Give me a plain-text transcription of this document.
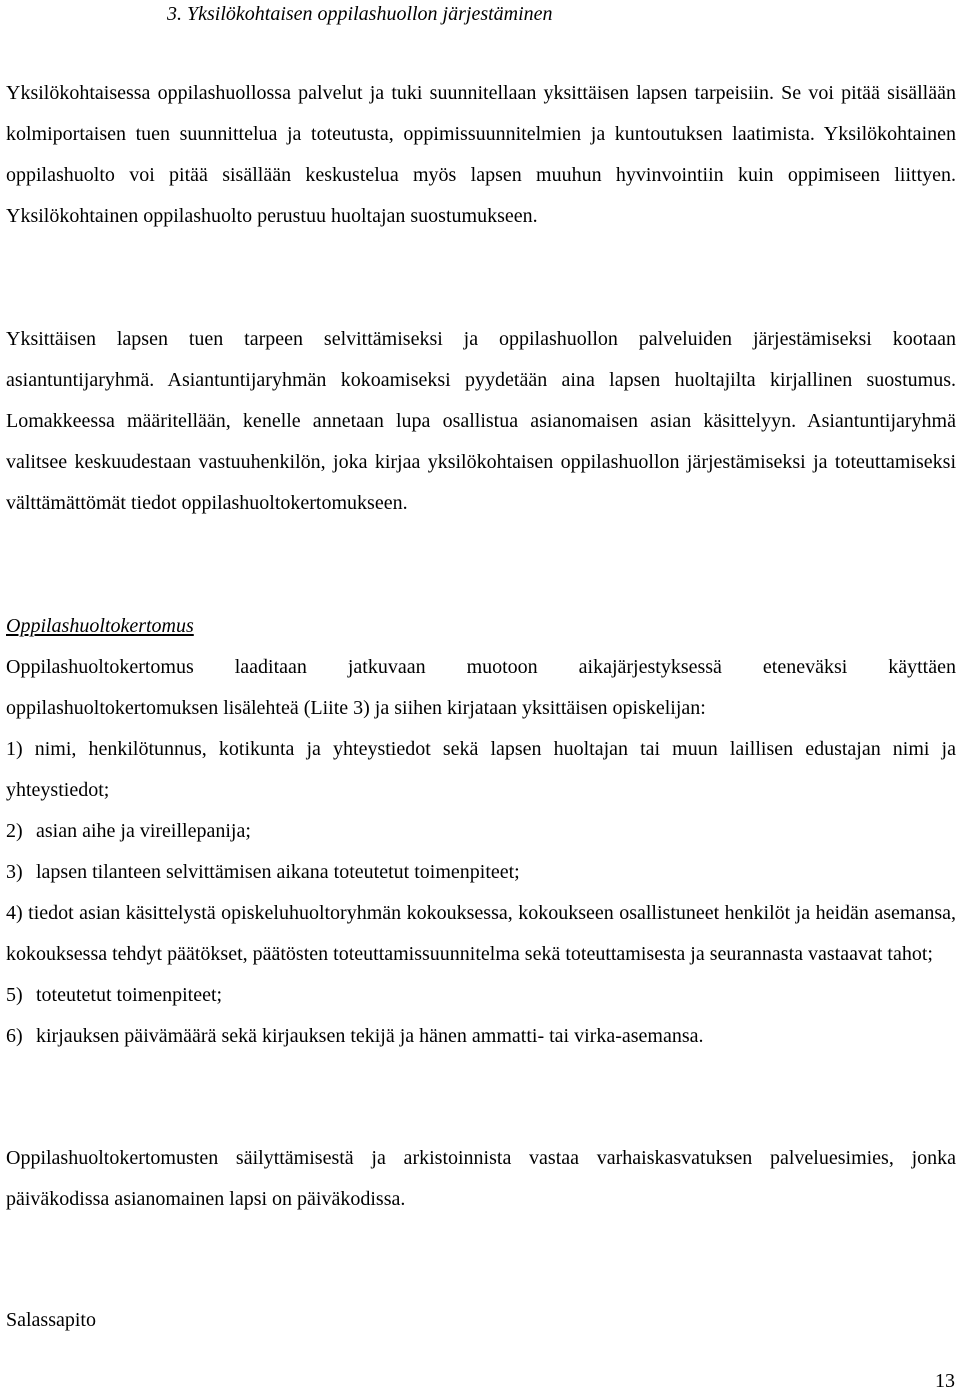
3. Yksilökohtaisen oppilashuollon järjestäminen

Yksilökohtaisessa oppilashuollossa palvelut ja tuki suunnitellaan yksittäisen lapsen tarpeisiin. Se voi pitää sisällään kolmiportaisen tuen suunnittelua ja toteutusta, oppimissuunnitelmien ja kuntoutuksen laatimista. Yksilökohtainen oppilashuolto voi pitää sisällään keskustelua myös lapsen muuhun hyvinvointiin kuin oppimiseen liittyen. Yksilökohtainen oppilashuolto perustuu huoltajan suostumukseen.

Yksittäisen lapsen tuen tarpeen selvittämiseksi ja oppilashuollon palveluiden järjestämiseksi kootaan asiantuntijaryhmä. Asiantuntijaryhmän kokoamiseksi pyydetään aina lapsen huoltajilta kirjallinen suostumus. Lomakkeessa määritellään, kenelle annetaan lupa osallistua asianomaisen asian käsittelyyn. Asiantuntijaryhmä valitsee keskuudestaan vastuuhenkilön, joka kirjaa yksilökohtaisen oppilashuollon järjestämiseksi ja toteuttamiseksi välttämättömät tiedot oppilashuoltokertomukseen.

Oppilashuoltokertomus

Oppilashuoltokertomus laaditaan jatkuvaan muotoon aikajärjestyksessä eteneväksi käyttäen oppilashuoltokertomuksen lisälehteä (Liite 3) ja siihen kirjataan yksittäisen opiskelijan:

1) nimi, henkilötunnus, kotikunta ja yhteystiedot sekä lapsen huoltajan tai muun laillisen edustajan nimi ja yhteystiedot;
2) asian aihe ja vireillepanija;
3) lapsen tilanteen selvittämisen aikana toteutetut toimenpiteet;
4) tiedot asian käsittelystä opiskeluhuoltoryhmän kokouksessa, kokoukseen osallistuneet henkilöt ja heidän asemansa, kokouksessa tehdyt päätökset, päätösten toteuttamissuunnitelma sekä toteuttamisesta ja seurannasta vastaavat tahot;
5) toteutetut toimenpiteet;
6) kirjauksen päivämäärä sekä kirjauksen tekijä ja hänen ammatti- tai virka-asemansa.

Oppilashuoltokertomusten säilyttämisestä ja arkistoinnista vastaa varhaiskasvatuksen palveluesimies, jonka päiväkodissa asianomainen lapsi on päiväkodissa.

Salassapito
13
